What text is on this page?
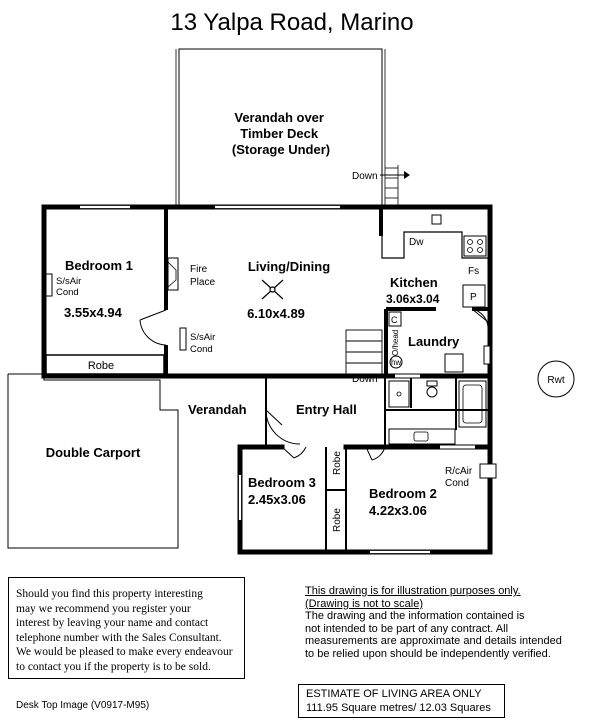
13 Yalpa Road, Marino
Verandah over Timber Deck (Storage Under)
Down
Double Carport
Robe
Fire Place
S/sAir Cond
S/sAir Cond
Bedroom 1
3.55x4.94
Living/Dining
6.10x4.89
Kitchen
3.06x3.04
Dw
Fs
P
Laundry
C
O/head
hw
Down
Verandah	Entry Hall
Bedroom 3
2.45x3.06
Robe
Robe
Bedroom 2
4.22x3.06
R/cAir Cond
Rwt
Should you find this property interesting
may we recommend you register your
interest by leaving your name and contact
telephone number with the Sales Consultant.
We would be pleased to make every endeavour
to contact you if the property is to be sold.
This drawing is for illustration purposes only.
(Drawing is not to scale)
The drawing and the information contained is
not intended to be part of any contract. All
measurements are approximate and details intended
to be relied upon should be independently verified.
Desk Top Image (V0917-M95)
ESTIMATE OF LIVING AREA ONLY
111.95 Square metres/ 12.03 Squares
